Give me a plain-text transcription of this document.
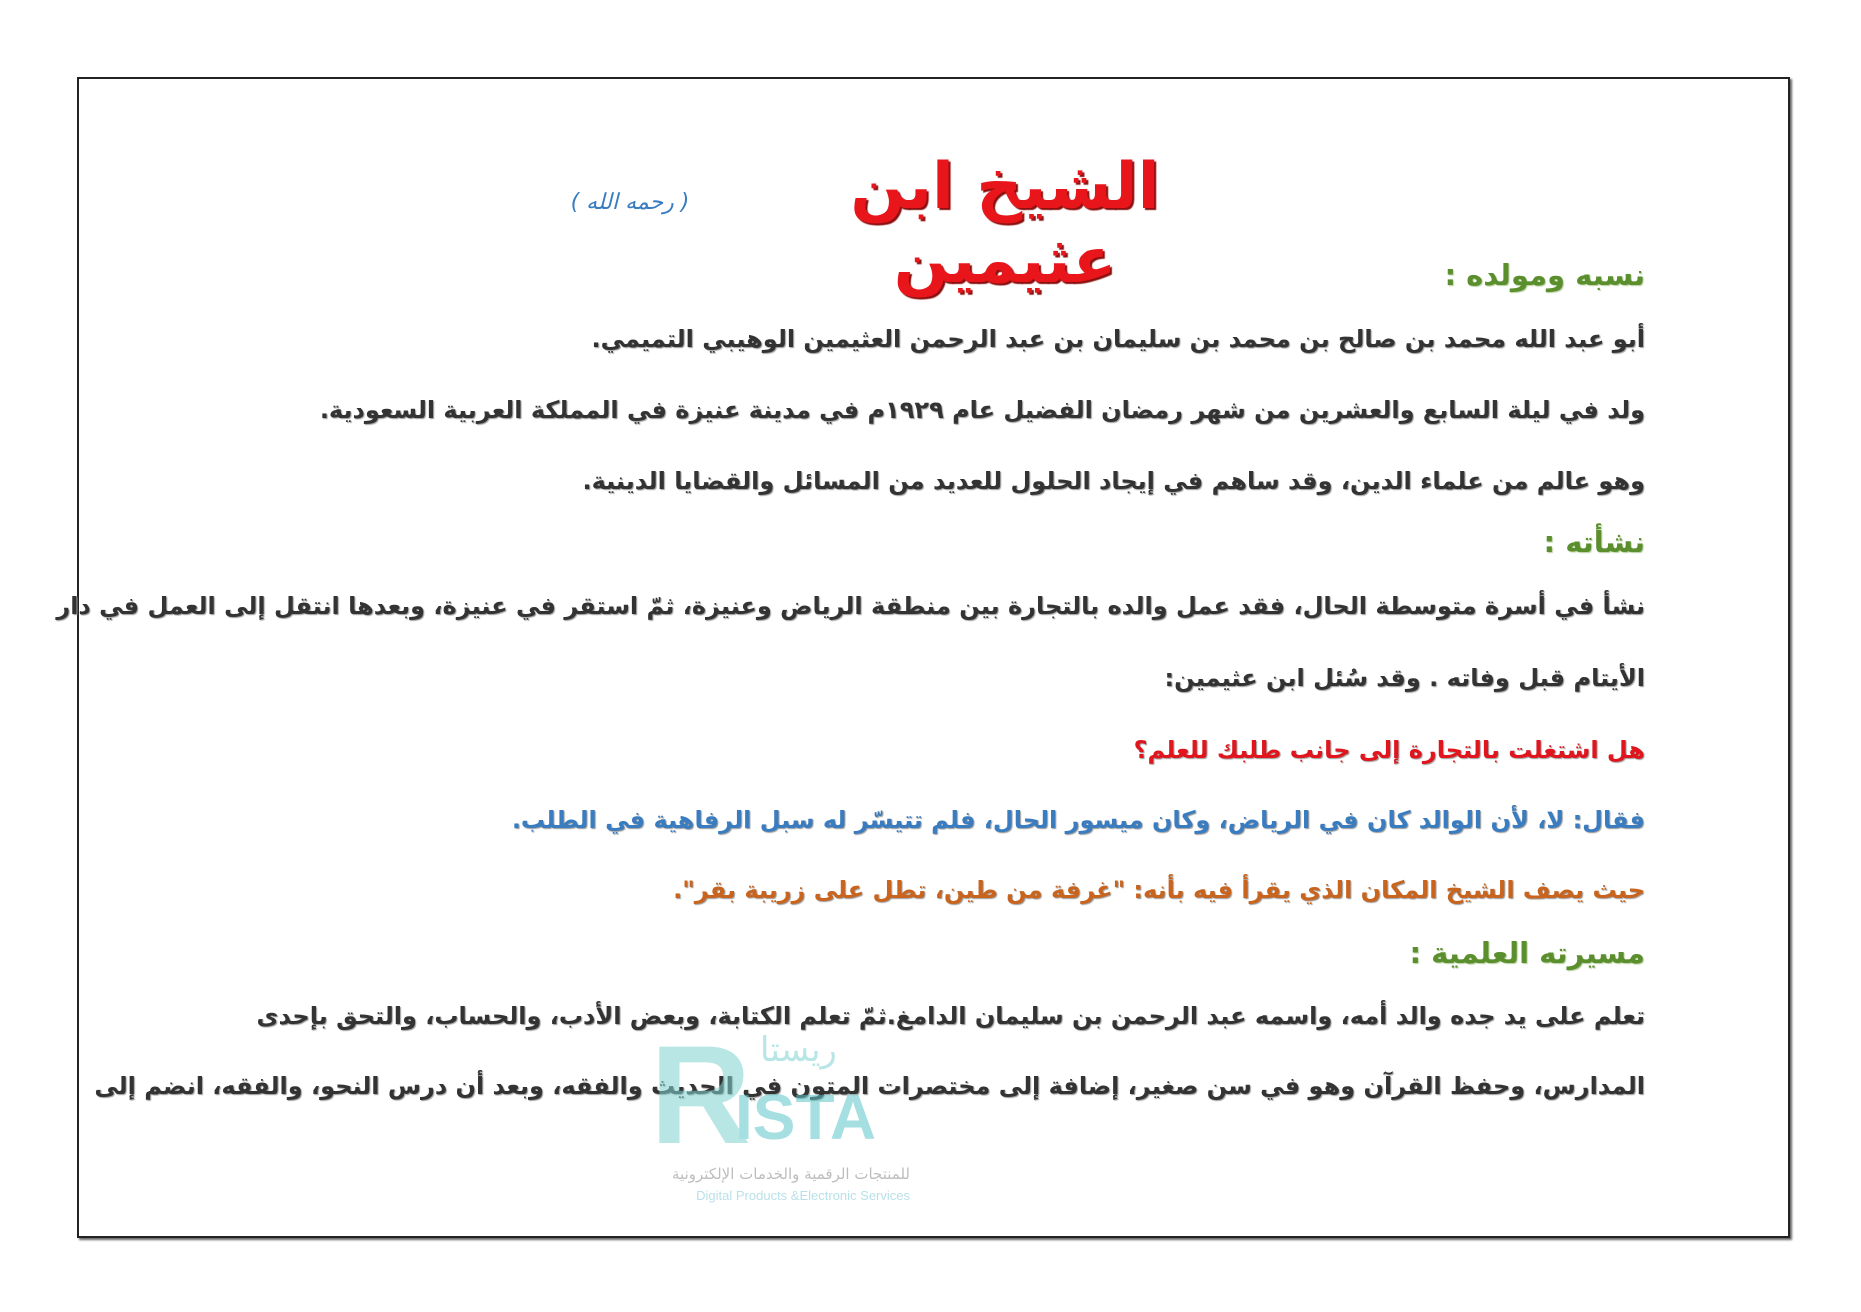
الشيخ ابن عثيمين
( رحمه الله )
نسبه ومولده :
أبو عبد الله محمد بن صالح بن محمد بن سليمان بن عبد الرحمن العثيمين الوهيبي التميمي.
ولد في ليلة السابع والعشرين من شهر رمضان الفضيل عام ١٩٢٩م في مدينة عنيزة في المملكة العربية السعودية.
وهو عالم من علماء الدين، وقد ساهم في إيجاد الحلول للعديد من المسائل والقضايا الدينية.
نشأته :
نشأ في أسرة متوسطة الحال، فقد عمل والده بالتجارة بين منطقة الرياض وعنيزة، ثمّ استقر في عنيزة، وبعدها انتقل إلى العمل في دار
الأيتام قبل وفاته . وقد سُئل ابن عثيمين:
هل اشتغلت بالتجارة إلى جانب طلبك للعلم؟
فقال: لا، لأن الوالد كان في الرياض، وكان ميسور الحال، فلم تتيسّر له سبل الرفاهية في الطلب.
حيث يصف الشيخ المكان الذي يقرأ فيه بأنه: "غرفة من طين، تطل على زريبة بقر".
مسيرته العلمية :
تعلم على يد جده والد أمه، واسمه عبد الرحمن بن سليمان الدامغ.ثمّ تعلم الكتابة، وبعض الأدب، والحساب، والتحق بإحدى
المدارس، وحفظ القرآن وهو في سن صغير، إضافة إلى مختصرات المتون في الحديث والفقه، وبعد أن درس النحو، والفقه، انضم إلى
R ريستا
ISTA
للمنتجات الرقمية والخدمات الإلكترونية
Digital Products &Electronic Services
